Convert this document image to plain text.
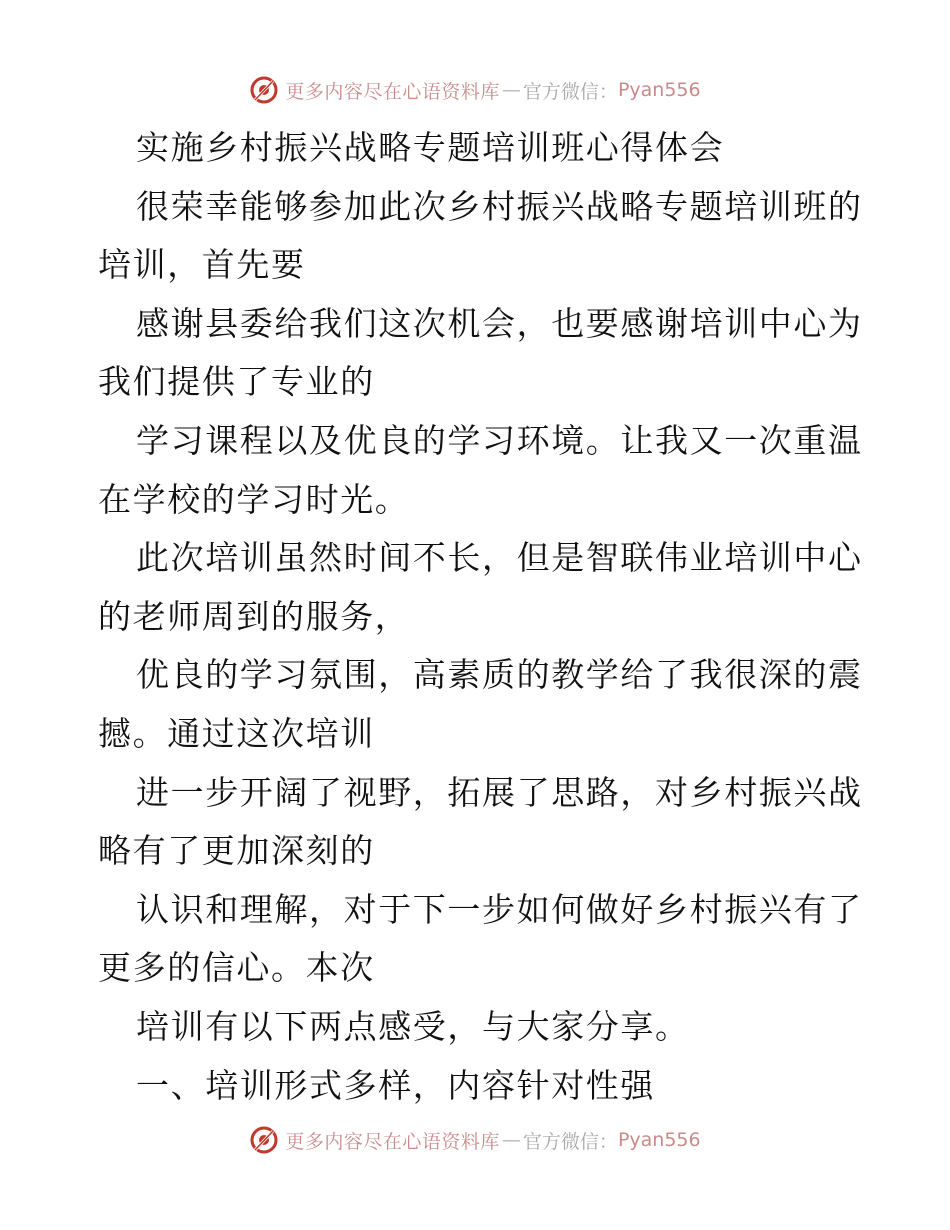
更多内容尽在心语资料库 — 官方微信： Pyan556
实施乡村振兴战略专题培训班心得体会
很荣幸能够参加此次乡村振兴战略专题培训班的
培训，首先要
感谢县委给我们这次机会，也要感谢培训中心为
我们提供了专业的
学习课程以及优良的学习环境。让我又一次重温
在学校的学习时光。
此次培训虽然时间不长，但是智联伟业培训中心
的老师周到的服务，
优良的学习氛围，高素质的教学给了我很深的震
撼。通过这次培训
进一步开阔了视野，拓展了思路，对乡村振兴战
略有了更加深刻的
认识和理解，对于下一步如何做好乡村振兴有了
更多的信心。本次
培训有以下两点感受，与大家分享。
一、培训形式多样，内容针对性强
更多内容尽在心语资料库 — 官方微信： Pyan556
